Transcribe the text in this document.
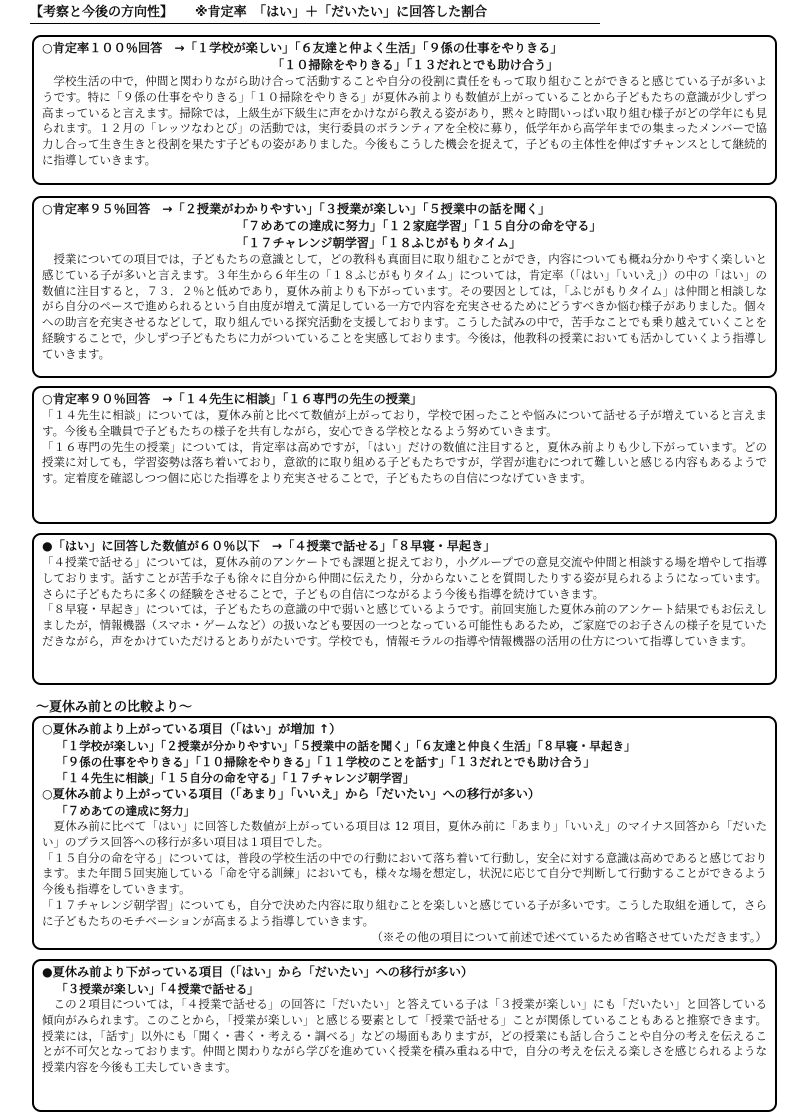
【考察と今後の方向性】 ※肯定率　「はい」＋「だいたい」に回答した割合
○肯定率１００％回答　→「１学校が楽しい」「６友達と仲よく生活」「９係の仕事をやりきる」
「１０掃除をやりきる」「１３だれとでも助け合う」

学校生活の中で，仲間と関わりながら助け合って活動することや自分の役割に責任をもって取り組むことができると感じている子が多いようです。特に「９係の仕事をやりきる」「１０掃除をやりきる」が夏休み前よりも数値が上がっていることから子どもたちの意識が少しずつ高まっていると言えます。掃除では，上級生が下級生に声をかけながら教える姿があり，黙々と時間いっぱい取り組む様子がどの学年にも見られます。１２月の「レッツなわとび」の活動では，実行委員のボランティアを全校に募り，低学年から高学年までの集まったメンバーで協力し合って生き生きと役割を果たす子どもの姿がありました。今後もこうした機会を捉えて，子どもの主体性を伸ばすチャンスとして継続的に指導していきます。

○肯定率９５％回答　→「２授業がわかりやすい」「３授業が楽しい」「５授業中の話を聞く」
「７めあての達成に努力」「１２家庭学習」「１５自分の命を守る」
「１７チャレンジ朝学習」「１８ふじがもりタイム」

授業についての項目では，子どもたちの意識として，どの教科も真面目に取り組むことができ，内容についても概ね分かりやすく楽しいと感じている子が多いと言えます。３年生から６年生の「１８ふじがもりタイム」については，肯定率（「はい」「いいえ」）の中の「はい」の数値に注目すると，７３．２％と低めであり，夏休み前よりも下がっています。その要因としては，「ふじがもりタイム」は仲間と相談しながら自分のペースで進められるという自由度が増えて満足している一方で内容を充実させるためにどうすべきか悩む様子がありました。個々への助言を充実させるなどして，取り組んでいる探究活動を支援しております。こうした試みの中で，苦手なことでも乗り越えていくことを経験することで，少しずつ子どもたちに力がついていることを実感しております。今後は，他教科の授業においても活かしていくよう指導していきます。

○肯定率９０％回答　→「１４先生に相談」「１６専門の先生の授業」

「１４先生に相談」については，夏休み前と比べて数値が上がっており，学校で困ったことや悩みについて話せる子が増えていると言えます。今後も全職員で子どもたちの様子を共有しながら，安心できる学校となるよう努めていきます。

「１６専門の先生の授業」については，肯定率は高めですが，「はい」だけの数値に注目すると，夏休み前よりも少し下がっています。どの授業に対しても，学習姿勢は落ち着いており，意欲的に取り組める子どもたちですが，学習が進むにつれて難しいと感じる内容もあるようです。定着度を確認しつつ個に応じた指導をより充実させることで，子どもたちの自信につなげていきます。

●「はい」に回答した数値が６０％以下　→「４授業で話せる」「８早寝・早起き」

「４授業で話せる」については，夏休み前のアンケートでも課題と捉えており，小グループでの意見交流や仲間と相談する場を増やして指導しております。話すことが苦手な子も徐々に自分から仲間に伝えたり，分からないことを質問したりする姿が見られるようになっています。さらに子どもたちに多くの経験をさせることで，子どもの自信につながるよう今後も指導を続けていきます。

「８早寝・早起き」については，子どもたちの意識の中で弱いと感じているようです。前回実施した夏休み前のアンケート結果でもお伝えしましたが，情報機器（スマホ・ゲームなど）の扱いなども要因の一つとなっている可能性もあるため，ご家庭でのお子さんの様子を見ていただきながら，声をかけていただけるとありがたいです。学校でも，情報モラルの指導や情報機器の活用の仕方について指導していきます。

～夏休み前との比較より～
○夏休み前より上がっている項目（「はい」が増加 ↑）
「１学校が楽しい」「２授業が分かりやすい」「５授業中の話を聞く」「６友達と仲良く生活」「８早寝・早起き」
「９係の仕事をやりきる」「１０掃除をやりきる」「１１学校のことを話す」「１３だれとでも助け合う」
「１４先生に相談」「１５自分の命を守る」「１７チャレンジ朝学習」
○夏休み前より上がっている項目（「あまり」「いいえ」から「だいたい」への移行が多い）
「７めあての達成に努力」

夏休み前に比べて「はい」に回答した数値が上がっている項目は 12 項目，夏休み前に「あまり」「いいえ」のマイナス回答から「だいたい」のプラス回答への移行が多い項目は１項目でした。

「１５自分の命を守る」については，普段の学校生活の中での行動において落ち着いて行動し，安全に対する意識は高めであると感じております。また年間５回実施している「命を守る訓練」においても，様々な場を想定し，状況に応じて自分で判断して行動することができるよう今後も指導をしていきます。

「１７チャレンジ朝学習」についても，自分で決めた内容に取り組むことを楽しいと感じている子が多いです。こうした取組を通して，さらに子どもたちのモチベーションが高まるよう指導していきます。

（※その他の項目について前述で述べているため省略させていただきます。）

●夏休み前より下がっている項目（「はい」から「だいたい」への移行が多い）
「３授業が楽しい」「４授業で話せる」

この２項目については，「４授業で話せる」の回答に「だいたい」と答えている子は「３授業が楽しい」にも「だいたい」と回答している傾向がみられます。このことから，「授業が楽しい」と感じる要素として「授業で話せる」ことが関係していることもあると推察できます。授業には，「話す」以外にも「聞く・書く・考える・調べる」などの場面もありますが，どの授業にも話し合うことや自分の考えを伝えることが不可欠となっております。仲間と関わりながら学びを進めていく授業を積み重ねる中で，自分の考えを伝える楽しさを感じられるような授業内容を今後も工夫していきます。
